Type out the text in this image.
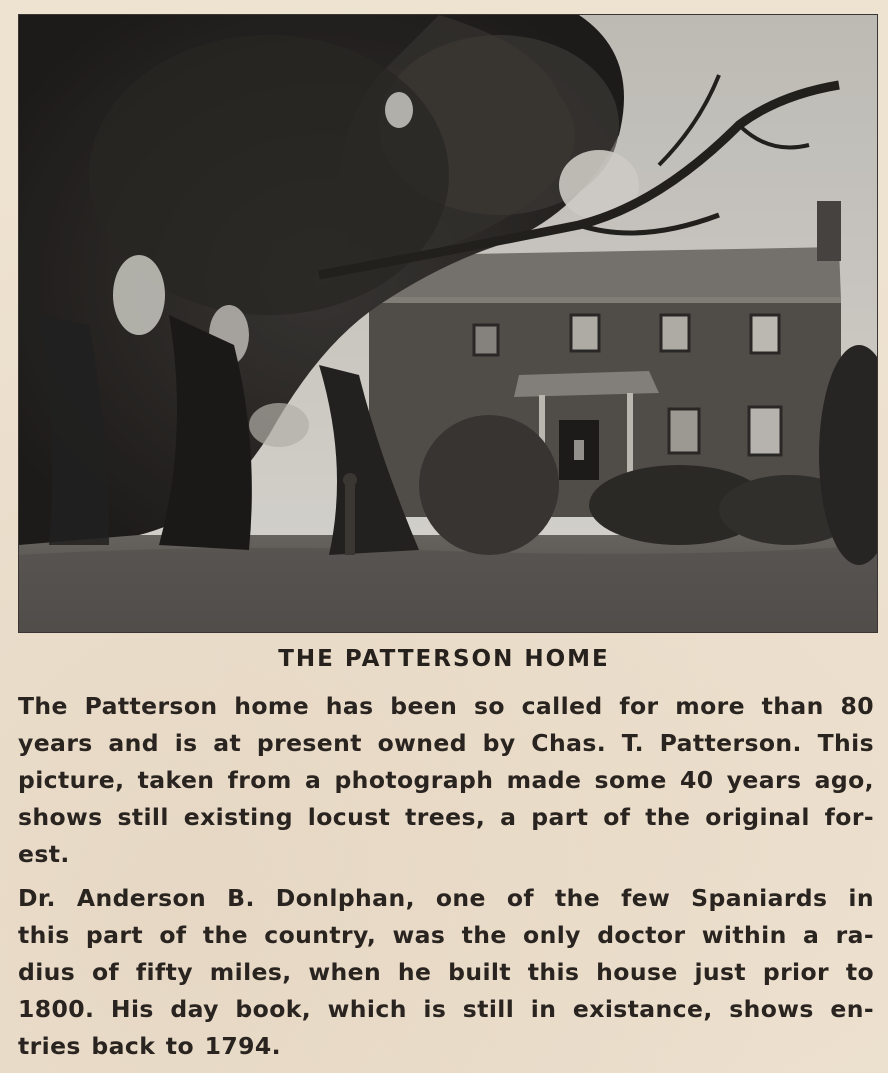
THE PATTERSON HOME

The Patterson home has been so called for more than 80
years and is at present owned by Chas. T. Patterson. This
picture, taken from a photograph made some 40 years ago,
shows still existing locust trees, a part of the original for-
est.

Dr. Anderson B. Donlphan, one of the few Spaniards in
this part of the country, was the only doctor within a ra-
dius of fifty miles, when he built this house just prior to
1800. His day book, which is still in existance, shows en-
tries back to 1794.
